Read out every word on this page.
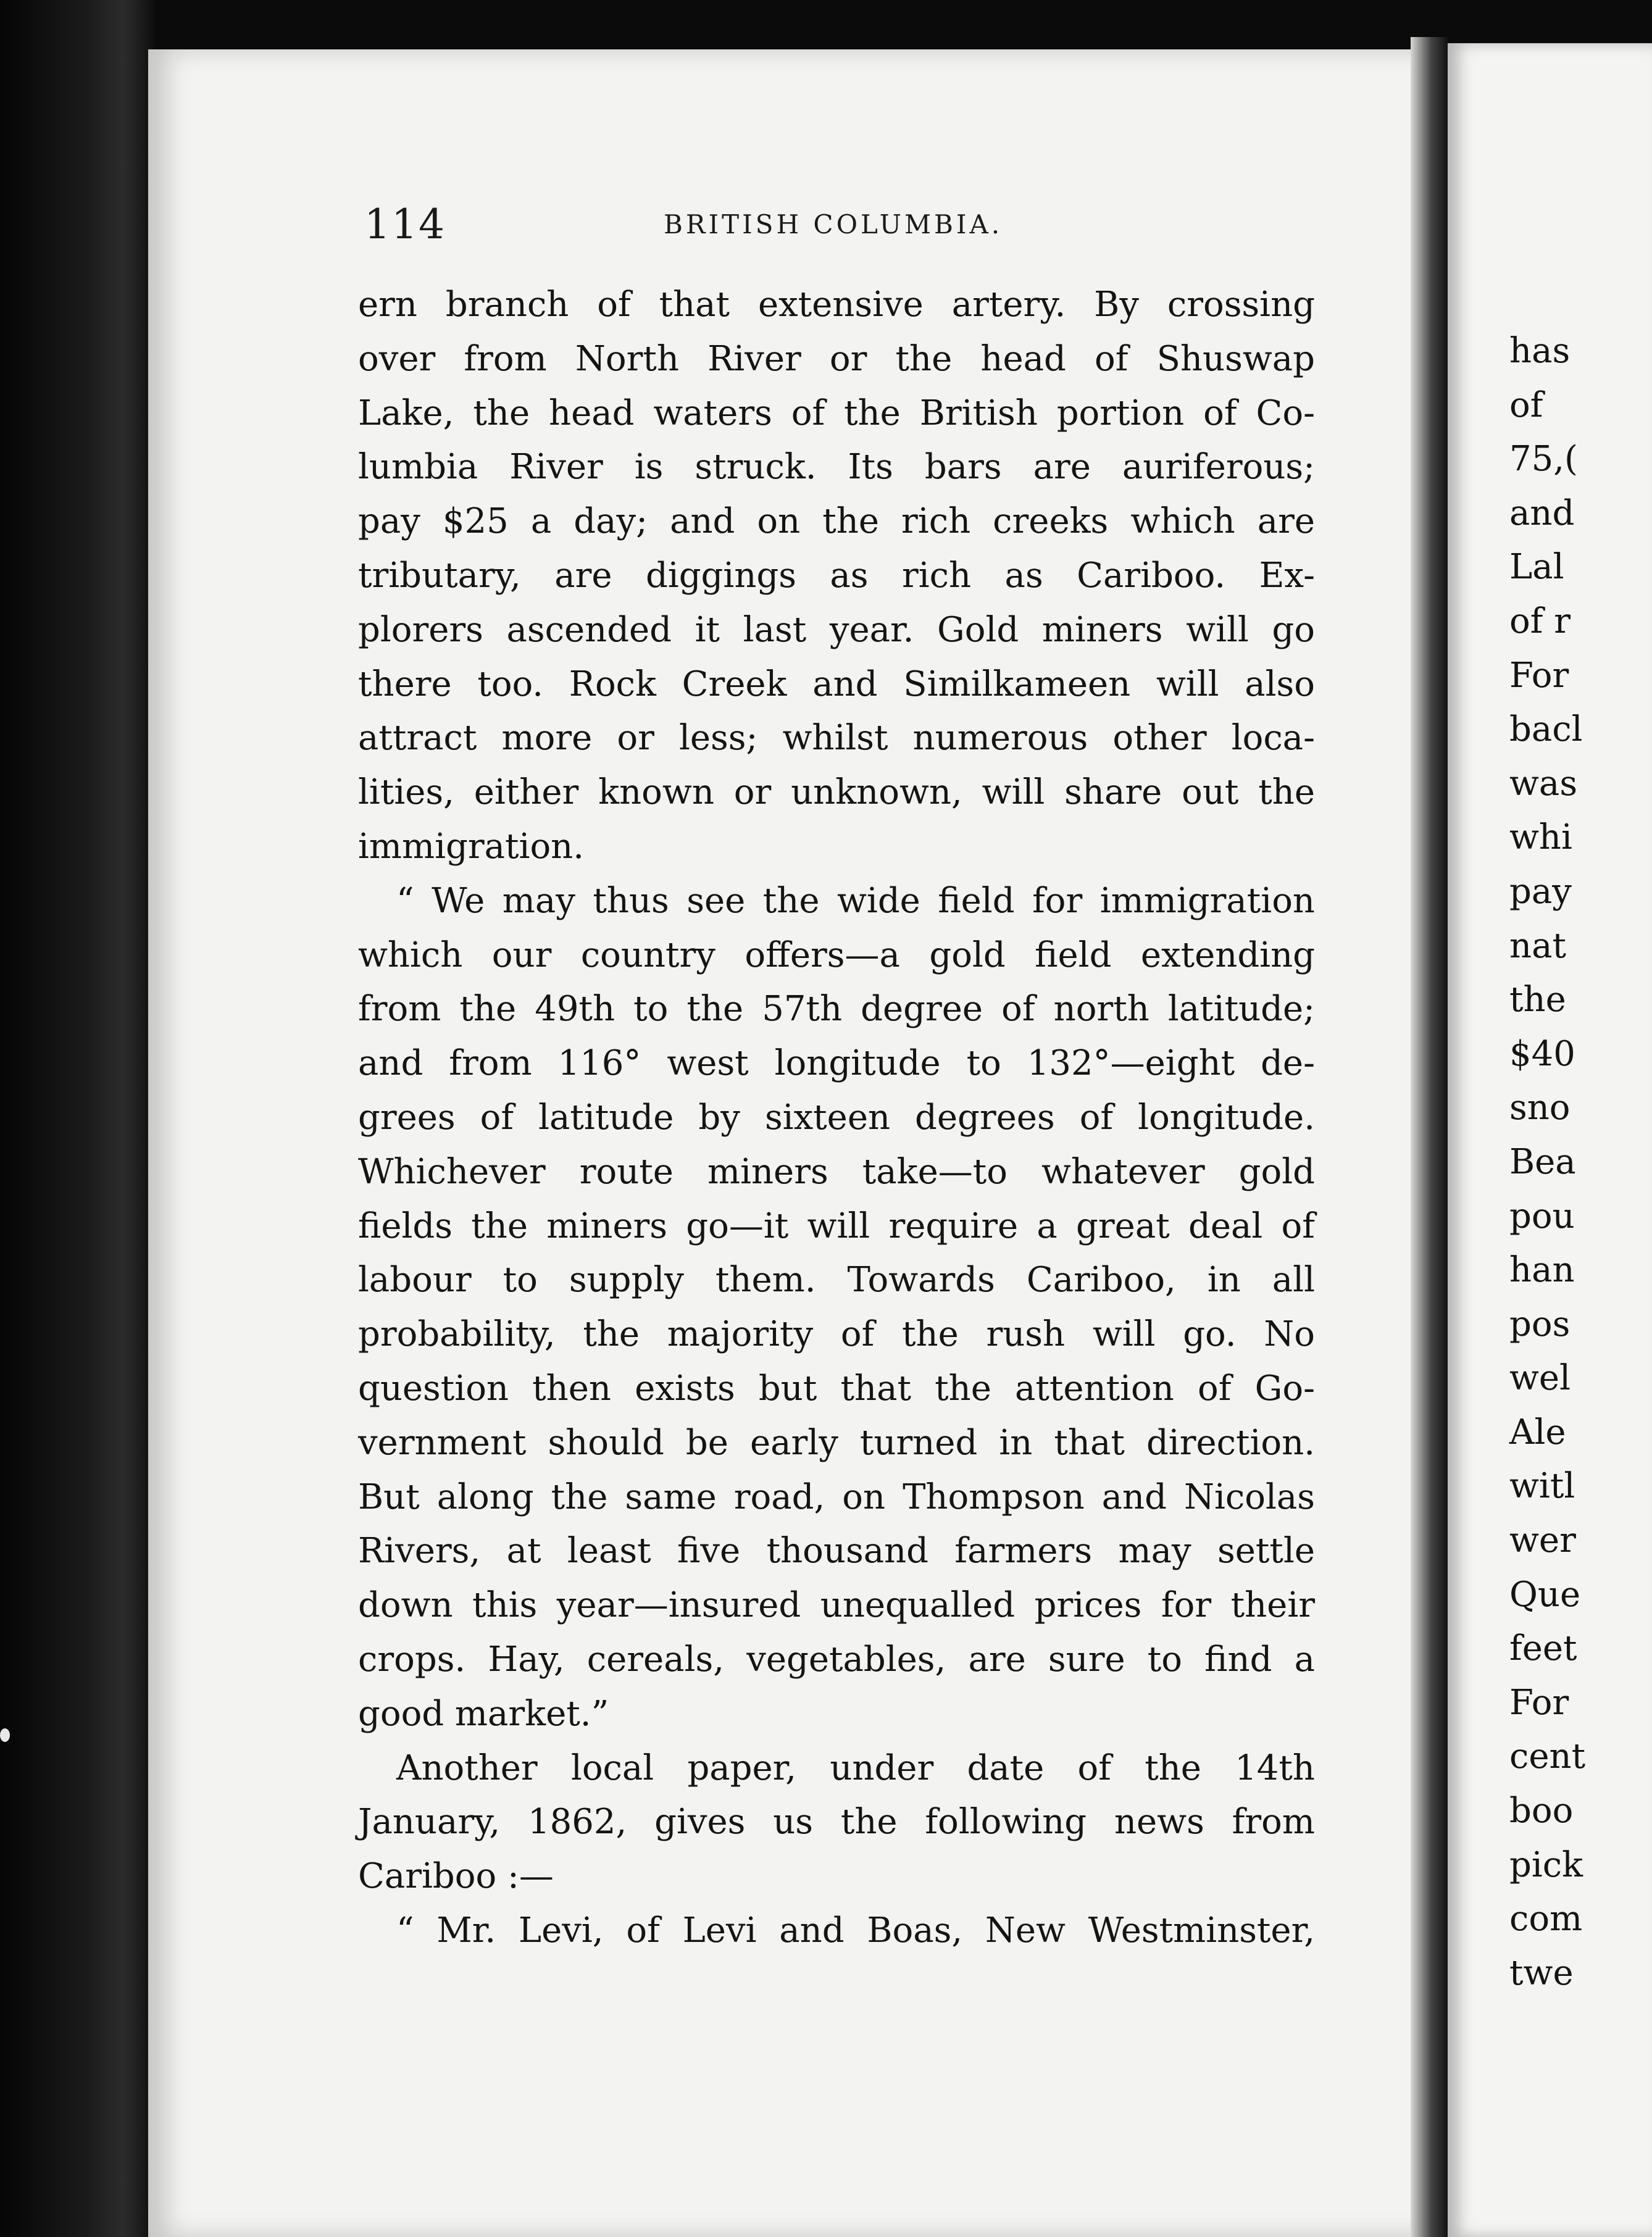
114	BRITISH COLUMBIA.
ern branch of that extensive artery. By crossing
over from North River or the head of Shuswap
Lake, the head waters of the British portion of Co-
lumbia River is struck. Its bars are auriferous;
pay $25 a day; and on the rich creeks which are
tributary, are diggings as rich as Cariboo. Ex-
plorers ascended it last year. Gold miners will go
there too. Rock Creek and Similkameen will also
attract more or less; whilst numerous other loca-
lities, either known or unknown, will share out the
immigration.
“ We may thus see the wide field for immigration
which our country offers—a gold field extending
from the 49th to the 57th degree of north latitude;
and from 116° west longitude to 132°—eight de-
grees of latitude by sixteen degrees of longitude.
Whichever route miners take—to whatever gold
fields the miners go—it will require a great deal of
labour to supply them. Towards Cariboo, in all
probability, the majority of the rush will go. No
question then exists but that the attention of Go-
vernment should be early turned in that direction.
But along the same road, on Thompson and Nicolas
Rivers, at least five thousand farmers may settle
down this year—insured unequalled prices for their
crops. Hay, cereals, vegetables, are sure to find a
good market.”
Another local paper, under date of the 14th
January, 1862, gives us the following news from
Cariboo :—
“ Mr. Levi, of Levi and Boas, New Westminster,
has
of
75,(
and
Lal
of r
For
bacl
was
whi
pay
nat
the
$40
sno
Bea
pou
han
pos
wel
Ale
witl
wer
Que
feet
For
cent
boo
pick
com
twe
